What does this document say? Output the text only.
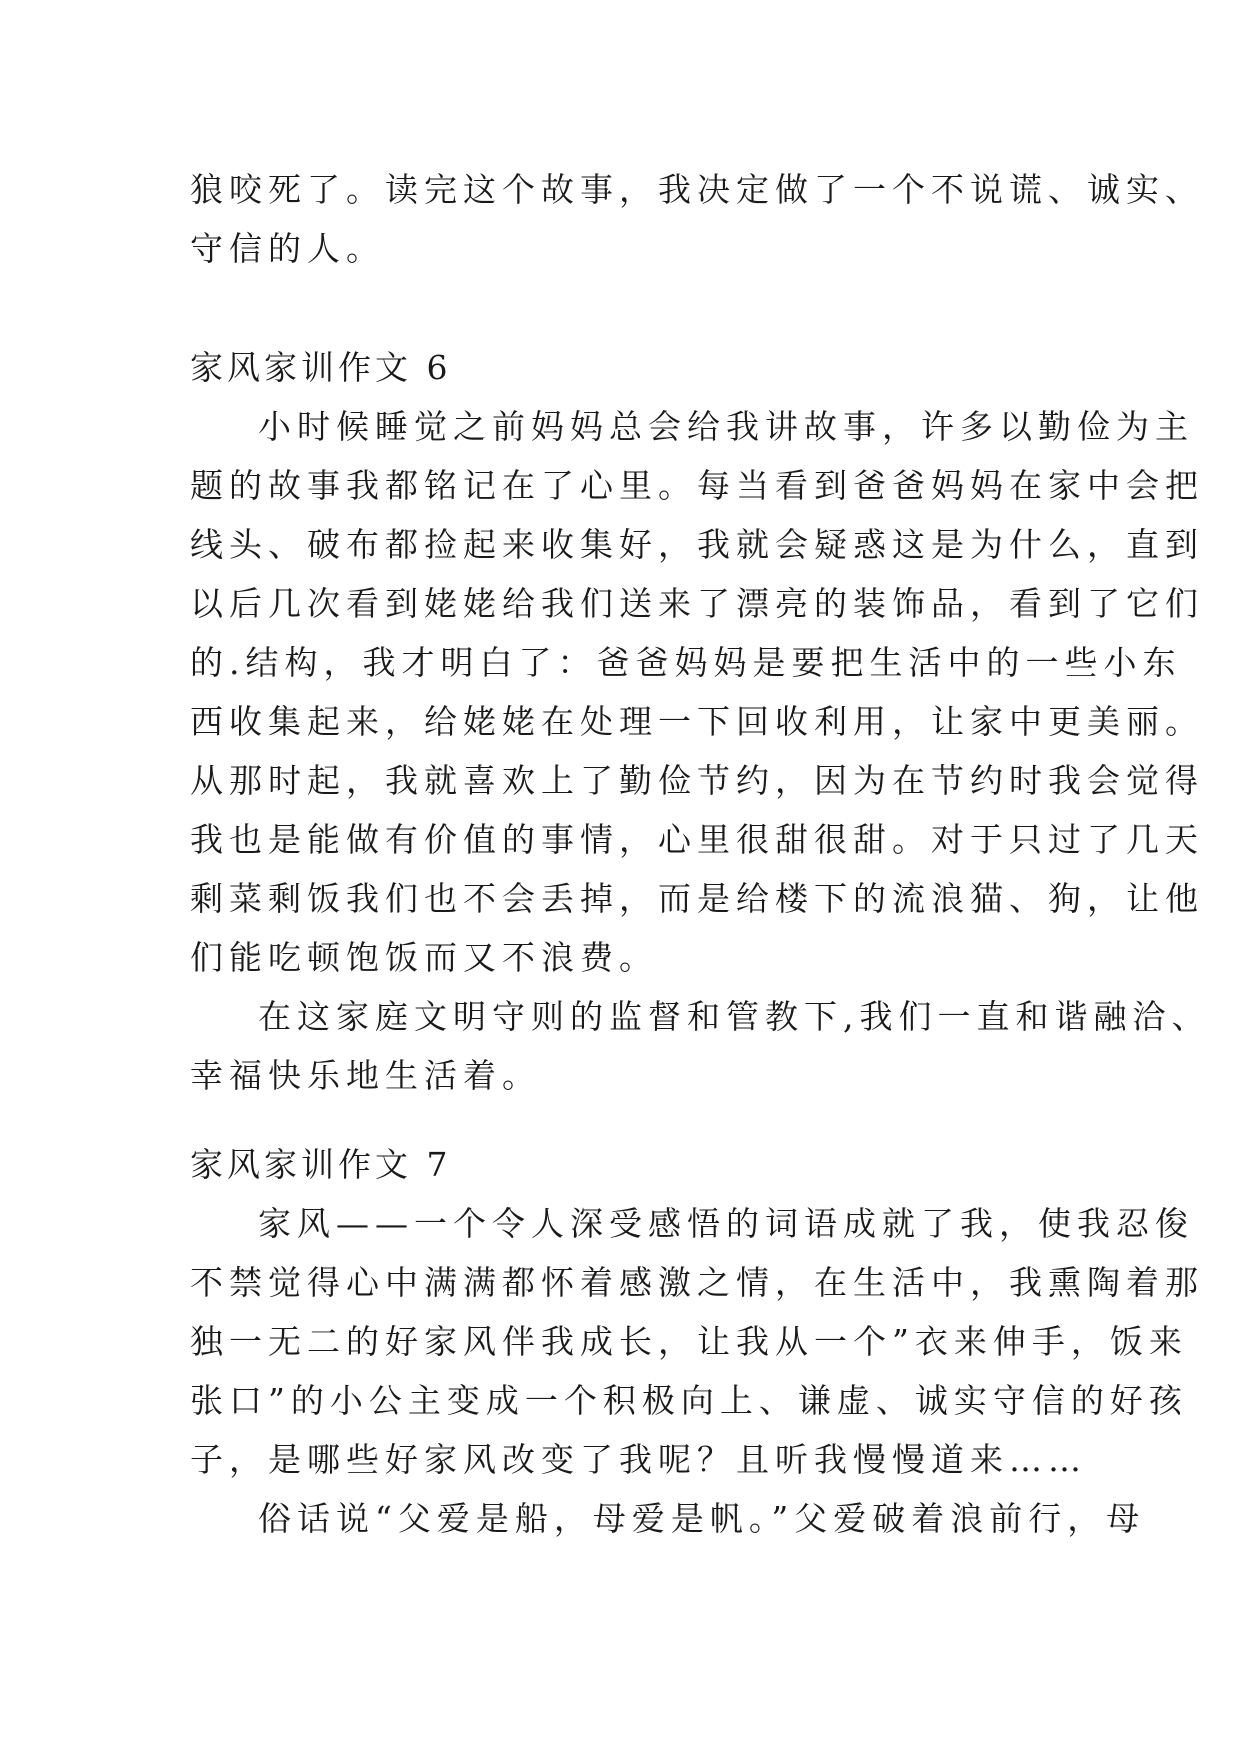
狼咬死了。读完这个故事，我决定做了一个不说谎、诚实、
守信的人。
家风家训作文 6
小时候睡觉之前妈妈总会给我讲故事，许多以勤俭为主
题的故事我都铭记在了心里。每当看到爸爸妈妈在家中会把
线头、破布都捡起来收集好，我就会疑惑这是为什么，直到
以后几次看到姥姥给我们送来了漂亮的装饰品，看到了它们
的.结构，我才明白了：爸爸妈妈是要把生活中的一些小东
西收集起来，给姥姥在处理一下回收利用，让家中更美丽。
从那时起，我就喜欢上了勤俭节约，因为在节约时我会觉得
我也是能做有价值的事情，心里很甜很甜。对于只过了几天
剩菜剩饭我们也不会丢掉，而是给楼下的流浪猫、狗，让他
们能吃顿饱饭而又不浪费。
在这家庭文明守则的监督和管教下,我们一直和谐融洽、
幸福快乐地生活着。
家风家训作文 7
家风——一个令人深受感悟的词语成就了我，使我忍俊
不禁觉得心中满满都怀着感激之情，在生活中，我熏陶着那
独一无二的好家风伴我成长，让我从一个”衣来伸手，饭来
张口”的小公主变成一个积极向上、谦虚、诚实守信的好孩
子，是哪些好家风改变了我呢？且听我慢慢道来……
俗话说“父爱是船，母爱是帆。”父爱破着浪前行，母
